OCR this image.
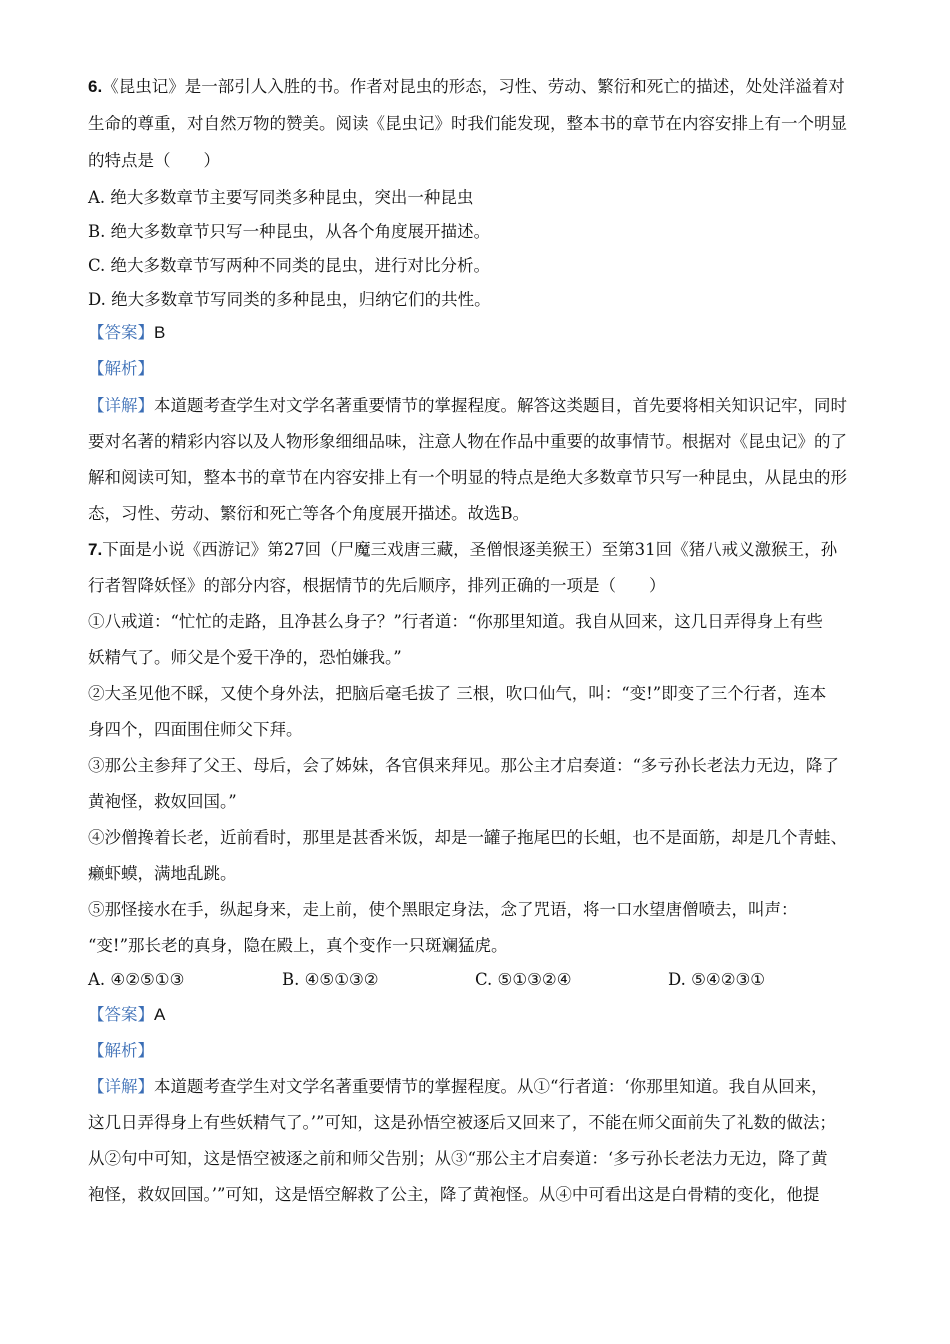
6.《昆虫记》是一部引人入胜的书。作者对昆虫的形态，习性、劳动、繁衍和死亡的描述，处处洋溢着对
生命的尊重，对自然万物的赞美。阅读《昆虫记》时我们能发现，整本书的章节在内容安排上有一个明显
的特点是（　　）
A. 绝大多数章节主要写同类多种昆虫，突出一种昆虫
B. 绝大多数章节只写一种昆虫，从各个角度展开描述。
C. 绝大多数章节写两种不同类的昆虫，进行对比分析。
D. 绝大多数章节写同类的多种昆虫，归纳它们的共性。
【答案】B
【解析】
【详解】本道题考查学生对文学名著重要情节的掌握程度。解答这类题目，首先要将相关知识记牢，同时
要对名著的精彩内容以及人物形象细细品味，注意人物在作品中重要的故事情节。根据对《昆虫记》的了
解和阅读可知，整本书的章节在内容安排上有一个明显的特点是绝大多数章节只写一种昆虫，从昆虫的形
态，习性、劳动、繁衍和死亡等各个角度展开描述。故选B。
7.下面是小说《西游记》第27回（尸魔三戏唐三藏，圣僧恨逐美猴王）至第31回《猪八戒义激猴王，孙
行者智降妖怪》的部分内容，根据情节的先后顺序，排列正确的一项是（　　）
①八戒道：“忙忙的走路，且净甚么身子？”行者道：“你那里知道。我自从回来，这几日弄得身上有些
妖精气了。师父是个爱干净的，恐怕嫌我。”
②大圣见他不睬，又使个身外法，把脑后毫毛拔了 三根，吹口仙气，叫：“变!”即变了三个行者，连本
身四个，四面围住师父下拜。
③那公主参拜了父王、母后，会了姊妹，各官俱来拜见。那公主才启奏道：“多亏孙长老法力无边，降了
黄袍怪，救奴回国。”
④沙僧搀着长老，近前看时，那里是甚香米饭，却是一罐子拖尾巴的长蛆，也不是面筋，却是几个青蛙、
癞虾蟆，满地乱跳。
⑤那怪接水在手，纵起身来，走上前，使个黑眼定身法，念了咒语，将一口水望唐僧喷去，叫声：
“变!”那长老的真身，隐在殿上，真个变作一只斑斓猛虎。
A. ④②⑤①③	B. ④⑤①③②	C. ⑤①③②④	D. ⑤④②③①
【答案】A
【解析】
【详解】本道题考查学生对文学名著重要情节的掌握程度。从①“行者道：‘你那里知道。我自从回来，
这几日弄得身上有些妖精气了。’”可知，这是孙悟空被逐后又回来了，不能在师父面前失了礼数的做法；
从②句中可知，这是悟空被逐之前和师父告别；从③“那公主才启奏道：‘多亏孙长老法力无边，降了黄
袍怪，救奴回国。’”可知，这是悟空解救了公主，降了黄袍怪。从④中可看出这是白骨精的变化，他提
